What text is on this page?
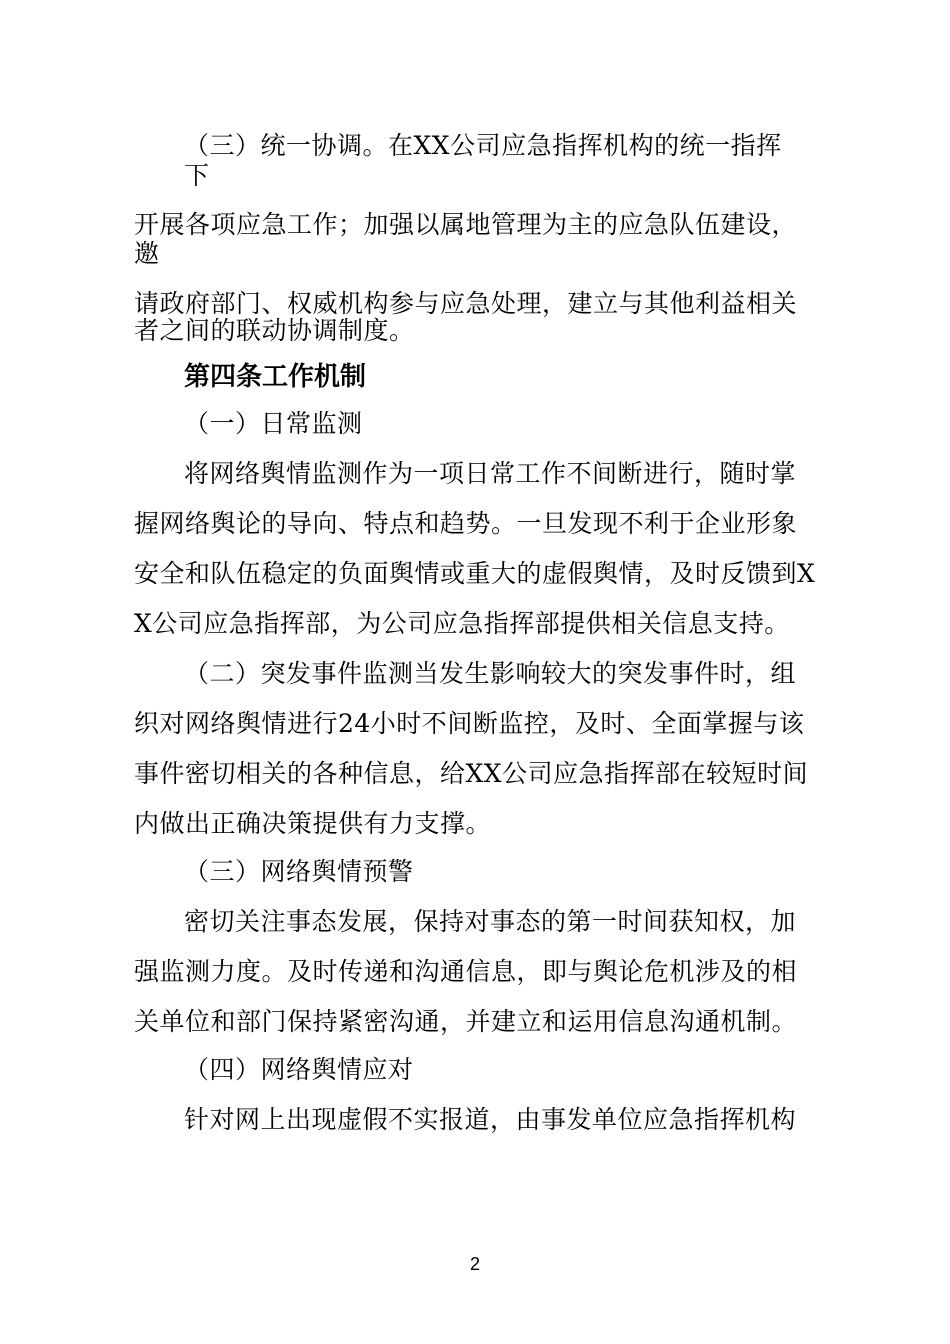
（三）统一协调。在XX公司应急指挥机构的统一指挥
下
开展各项应急工作；加强以属地管理为主的应急队伍建设，
邀
请政府部门、权威机构参与应急处理，建立与其他利益相关
者之间的联动协调制度。
第四条工作机制
（一）日常监测
将网络舆情监测作为一项日常工作不间断进行，随时掌
握网络舆论的导向、特点和趋势。一旦发现不利于企业形象
安全和队伍稳定的负面舆情或重大的虚假舆情，及时反馈到X
X公司应急指挥部，为公司应急指挥部提供相关信息支持。
（二）突发事件监测当发生影响较大的突发事件时，组
织对网络舆情进行24小时不间断监控，及时、全面掌握与该
事件密切相关的各种信息，给XX公司应急指挥部在较短时间
内做出正确决策提供有力支撑。
（三）网络舆情预警
密切关注事态发展，保持对事态的第一时间获知权，加
强监测力度。及时传递和沟通信息，即与舆论危机涉及的相
关单位和部门保持紧密沟通，并建立和运用信息沟通机制。
（四）网络舆情应对
针对网上出现虚假不实报道，由事发单位应急指挥机构
2
